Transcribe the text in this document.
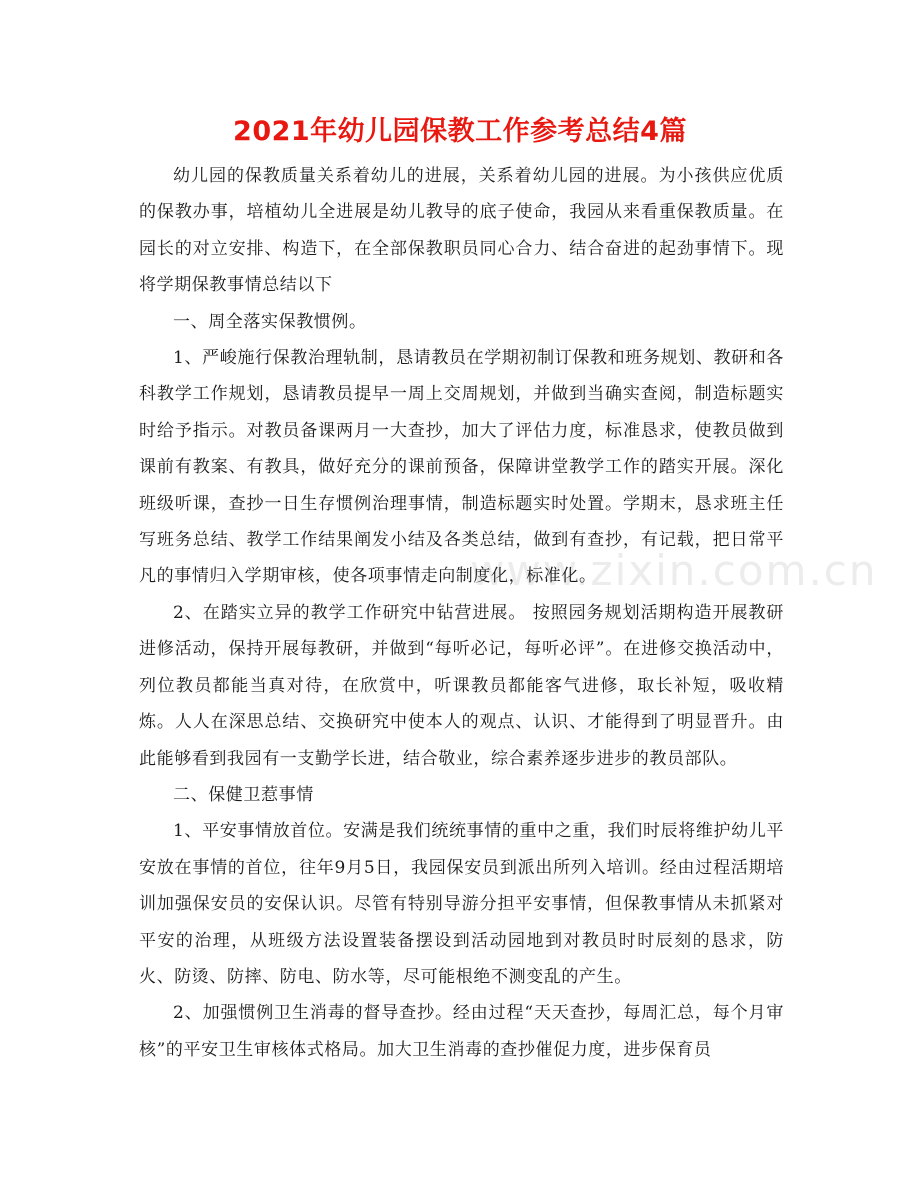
2021年幼儿园保教工作参考总结4篇
www.zixin.com.cn

幼儿园的保教质量关系着幼儿的进展，关系着幼儿园的进展。为小孩供应优质的保教办事，培植幼儿全进展是幼儿教导的底子使命，我园从来看重保教质量。在园长的对立安排、构造下，在全部保教职员同心合力、结合奋进的起劲事情下。现将学期保教事情总结以下

一、周全落实保教惯例。

1、严峻施行保教治理轨制，恳请教员在学期初制订保教和班务规划、教研和各科教学工作规划，恳请教员提早一周上交周规划，并做到当确实查阅，制造标题实时给予指示。对教员备课两月一大查抄，加大了评估力度，标准恳求，使教员做到课前有教案、有教具，做好充分的课前预备，保障讲堂教学工作的踏实开展。深化班级听课，查抄一日生存惯例治理事情，制造标题实时处置。学期末，恳求班主任写班务总结、教学工作结果阐发小结及各类总结，做到有查抄，有记载，把日常平凡的事情归入学期审核，使各项事情走向制度化，标准化。

2、在踏实立异的教学工作研究中钻营进展。 按照园务规划活期构造开展教研进修活动，保持开展每教研，并做到“每听必记，每听必评”。在进修交换活动中，列位教员都能当真对待，在欣赏中，听课教员都能客气进修，取长补短，吸收精炼。人人在深思总结、交换研究中使本人的观点、认识、才能得到了明显晋升。由此能够看到我园有一支勤学长进，结合敬业，综合素养逐步进步的教员部队。

二、保健卫惹事情

1、平安事情放首位。安满是我们统统事情的重中之重，我们时辰将维护幼儿平安放在事情的首位，往年9月5日，我园保安员到派出所列入培训。经由过程活期培训加强保安员的安保认识。尽管有特别导游分担平安事情，但保教事情从未抓紧对平安的治理，从班级方法设置装备摆设到活动园地到对教员时时辰刻的恳求，防火、防烫、防摔、防电、防水等，尽可能根绝不测变乱的产生。

2、加强惯例卫生消毒的督导查抄。经由过程“天天查抄，每周汇总，每个月审核”的平安卫生审核体式格局。加大卫生消毒的查抄催促力度，进步保育员
